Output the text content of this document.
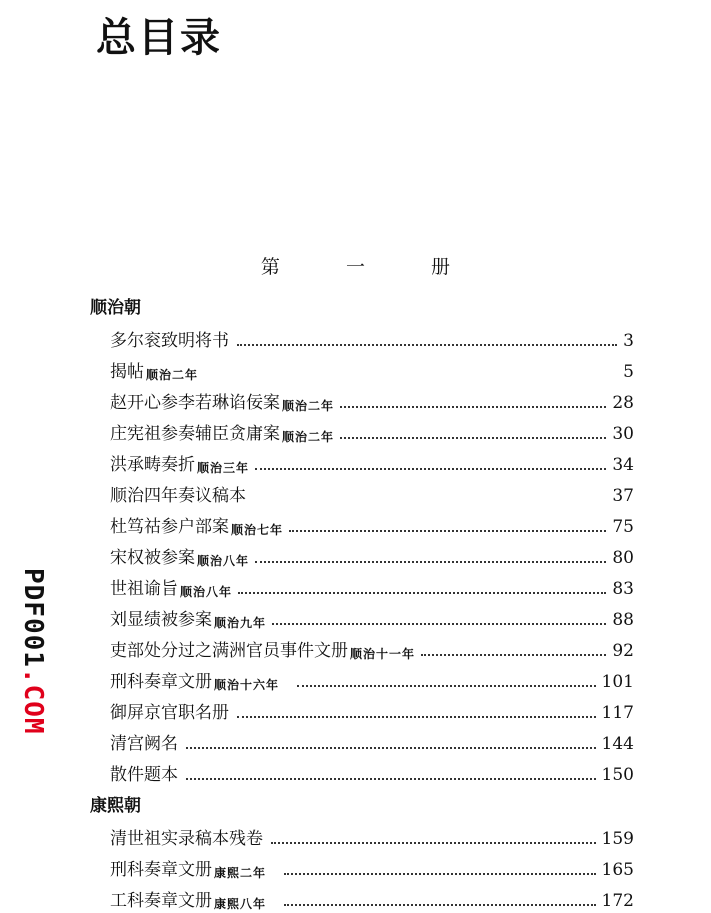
总目录
第	一	册
顺治朝
多尔衮致明将书	3
揭帖 顺治二年	5
赵开心参李若琳谄佞案 顺治二年	28
庄宪祖参奏辅臣贪庸案 顺治二年	30
洪承畴奏折 顺治三年	34
顺治四年奏议稿本	37
杜笃祜参户部案 顺治七年	75
宋权被参案 顺治八年	80
世祖谕旨 顺治八年	83
刘显绩被参案 顺治九年	88
吏部处分过之满洲官员事件文册 顺治十一年	92
刑科奏章文册 顺治十六年	101
御屏京官职名册	117
清宫阙名	144
散件题本	150
康熙朝
清世祖实录稿本残卷	159
刑科奏章文册 康熙二年	165
工科奏章文册 康熙八年	172
PDF001.COM
